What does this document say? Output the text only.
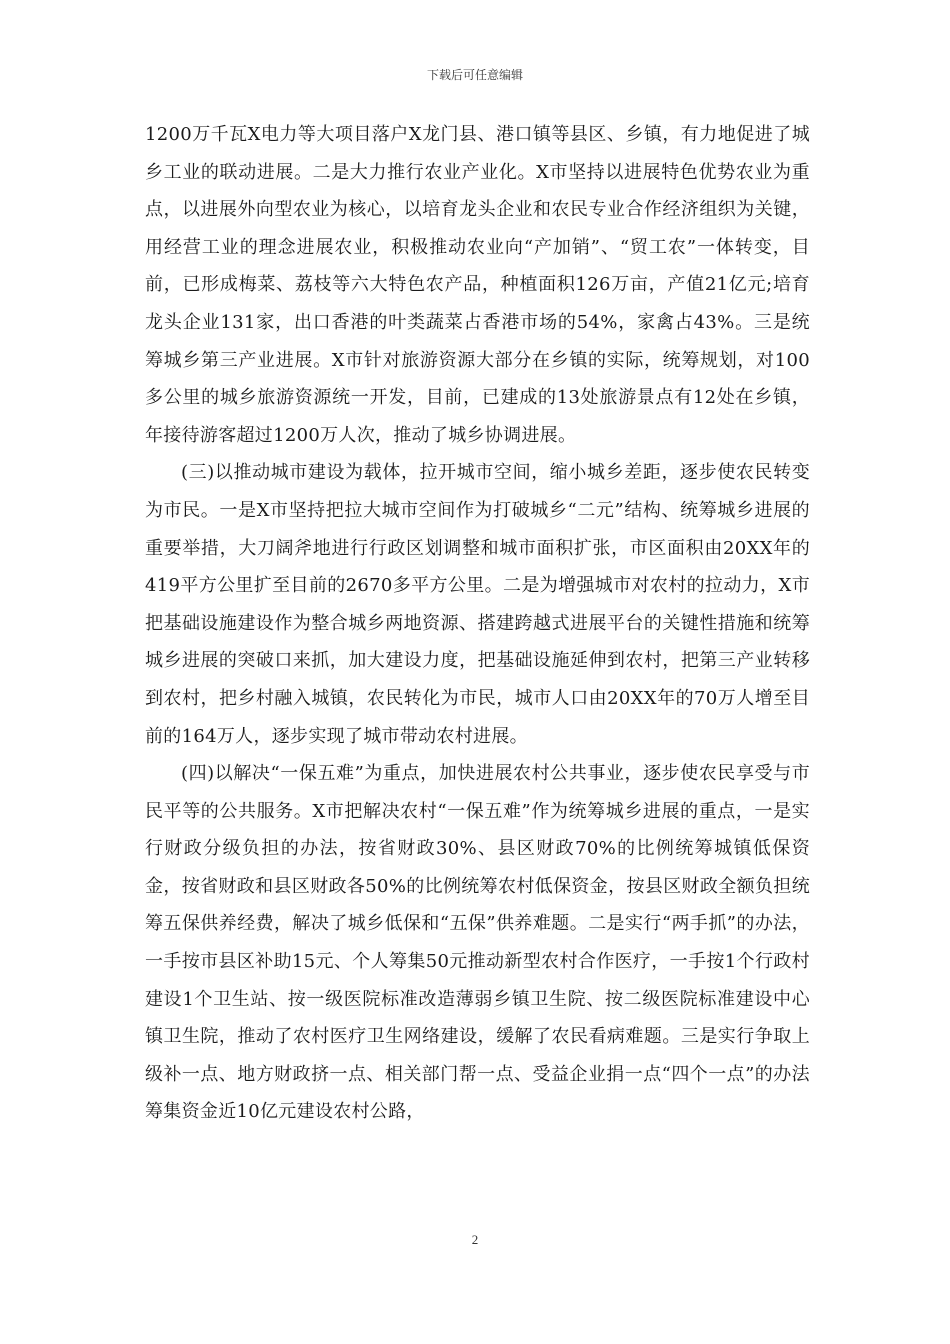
下载后可任意编辑

1200万千瓦X电力等大项目落户X龙门县、港口镇等县区、乡镇，有力地促进了城乡工业的联动进展。二是大力推行农业产业化。X市坚持以进展特色优势农业为重点，以进展外向型农业为核心，以培育龙头企业和农民专业合作经济组织为关键，用经营工业的理念进展农业，积极推动农业向“产加销”、“贸工农”一体转变，目前，已形成梅菜、荔枝等六大特色农产品，种植面积126万亩，产值21亿元;培育龙头企业131家，出口香港的叶类蔬菜占香港市场的54%，家禽占43%。三是统筹城乡第三产业进展。X市针对旅游资源大部分在乡镇的实际，统筹规划，对100多公里的城乡旅游资源统一开发，目前，已建成的13处旅游景点有12处在乡镇，年接待游客超过1200万人次，推动了城乡协调进展。

(三)以推动城市建设为载体，拉开城市空间，缩小城乡差距，逐步使农民转变为市民。一是X市坚持把拉大城市空间作为打破城乡“二元”结构、统筹城乡进展的重要举措，大刀阔斧地进行行政区划调整和城市面积扩张，市区面积由20XX年的419平方公里扩至目前的2670多平方公里。二是为增强城市对农村的拉动力，X市把基础设施建设作为整合城乡两地资源、搭建跨越式进展平台的关键性措施和统筹城乡进展的突破口来抓，加大建设力度，把基础设施延伸到农村，把第三产业转移到农村，把乡村融入城镇，农民转化为市民，城市人口由20XX年的70万人增至目前的164万人，逐步实现了城市带动农村进展。

(四)以解决“一保五难”为重点，加快进展农村公共事业，逐步使农民享受与市民平等的公共服务。X市把解决农村“一保五难”作为统筹城乡进展的重点，一是实行财政分级负担的办法，按省财政30%、县区财政70%的比例统筹城镇低保资金，按省财政和县区财政各50%的比例统筹农村低保资金，按县区财政全额负担统筹五保供养经费，解决了城乡低保和“五保”供养难题。二是实行“两手抓”的办法，一手按市县区补助15元、个人筹集50元推动新型农村合作医疗，一手按1个行政村建设1个卫生站、按一级医院标准改造薄弱乡镇卫生院、按二级医院标准建设中心镇卫生院，推动了农村医疗卫生网络建设，缓解了农民看病难题。三是实行争取上级补一点、地方财政挤一点、相关部门帮一点、受益企业捐一点“四个一点”的办法筹集资金近10亿元建设农村公路，

2
